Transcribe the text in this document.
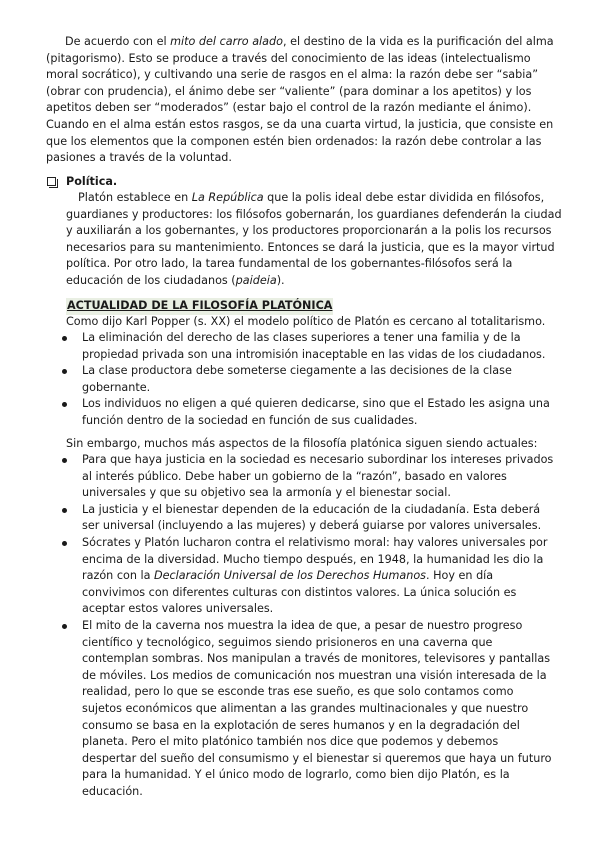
De acuerdo con el mito del carro alado, el destino de la vida es la purificación del alma (pitagorismo). Esto se produce a través del conocimiento de las ideas (intelectualismo moral socrático), y cultivando una serie de rasgos en el alma: la razón debe ser “sabia” (obrar con prudencia), el ánimo debe ser “valiente” (para dominar a los apetitos) y los apetitos deben ser “moderados” (estar bajo el control de la razón mediante el ánimo). Cuando en el alma están estos rasgos, se da una cuarta virtud, la justicia, que consiste en que los elementos que la componen estén bien ordenados: la razón debe controlar a las pasiones a través de la voluntad.

Política.

Platón establece en La República que la polis ideal debe estar dividida en filósofos, guardianes y productores: los filósofos gobernarán, los guardianes defenderán la ciudad y auxiliarán a los gobernantes, y los productores proporcionarán a la polis los recursos necesarios para su mantenimiento. Entonces se dará la justicia, que es la mayor virtud política. Por otro lado, la tarea fundamental de los gobernantes-filósofos será la educación de los ciudadanos (paideia).

ACTUALIDAD DE LA FILOSOFÍA PLATÓNICA

Como dijo Karl Popper (s. XX) el modelo político de Platón es cercano al totalitarismo.

La eliminación del derecho de las clases superiores a tener una familia y de la propiedad privada son una intromisión inaceptable en las vidas de los ciudadanos.
La clase productora debe someterse ciegamente a las decisiones de la clase gobernante.
Los individuos no eligen a qué quieren dedicarse, sino que el Estado les asigna una función dentro de la sociedad en función de sus cualidades.

Sin embargo, muchos más aspectos de la filosofía platónica siguen siendo actuales:

Para que haya justicia en la sociedad es necesario subordinar los intereses privados al interés público. Debe haber un gobierno de la “razón”, basado en valores universales y que su objetivo sea la armonía y el bienestar social.
La justicia y el bienestar dependen de la educación de la ciudadanía. Esta deberá ser universal (incluyendo a las mujeres) y deberá guiarse por valores universales.
Sócrates y Platón lucharon contra el relativismo moral: hay valores universales por encima de la diversidad. Mucho tiempo después, en 1948, la humanidad les dio la razón con la Declaración Universal de los Derechos Humanos. Hoy en día convivimos con diferentes culturas con distintos valores. La única solución es aceptar estos valores universales.
El mito de la caverna nos muestra la idea de que, a pesar de nuestro progreso científico y tecnológico, seguimos siendo prisioneros en una caverna que contemplan sombras. Nos manipulan a través de monitores, televisores y pantallas de móviles. Los medios de comunicación nos muestran una visión interesada de la realidad, pero lo que se esconde tras ese sueño, es que solo contamos como sujetos económicos que alimentan a las grandes multinacionales y que nuestro consumo se basa en la explotación de seres humanos y en la degradación del planeta. Pero el mito platónico también nos dice que podemos y debemos despertar del sueño del consumismo y el bienestar si queremos que haya un futuro para la humanidad. Y el único modo de lograrlo, como bien dijo Platón, es la educación.
